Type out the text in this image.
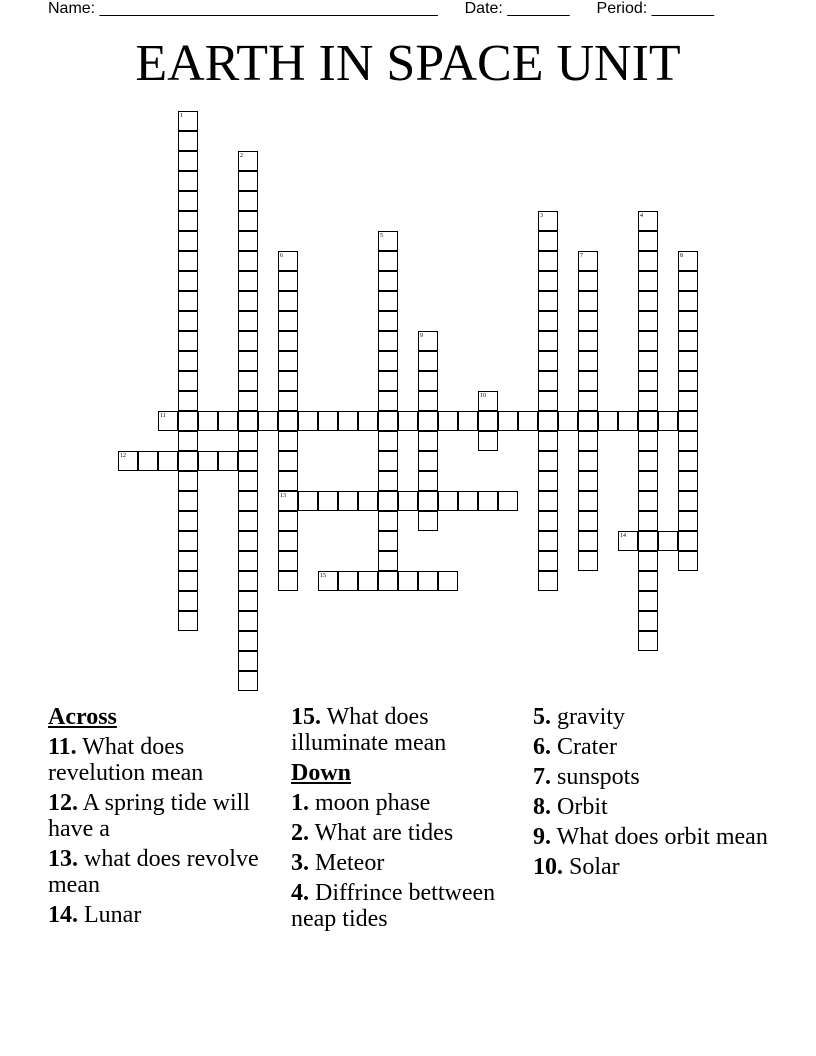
Name: ______________________________________ Date: _______ Period: _______
EARTH IN SPACE UNIT
1
2
3	4
5
6	7	8
9
10
11
12
13
14
15
Across
11. What does revelution mean
12. A spring tide will have a
13. what does revolve mean
14. Lunar
15. What does illuminate mean
Down
1. moon phase
2. What are tides
3. Meteor
4. Diffrince bettween neap tides
5. gravity
6. Crater
7. sunspots
8. Orbit
9. What does orbit mean
10. Solar
